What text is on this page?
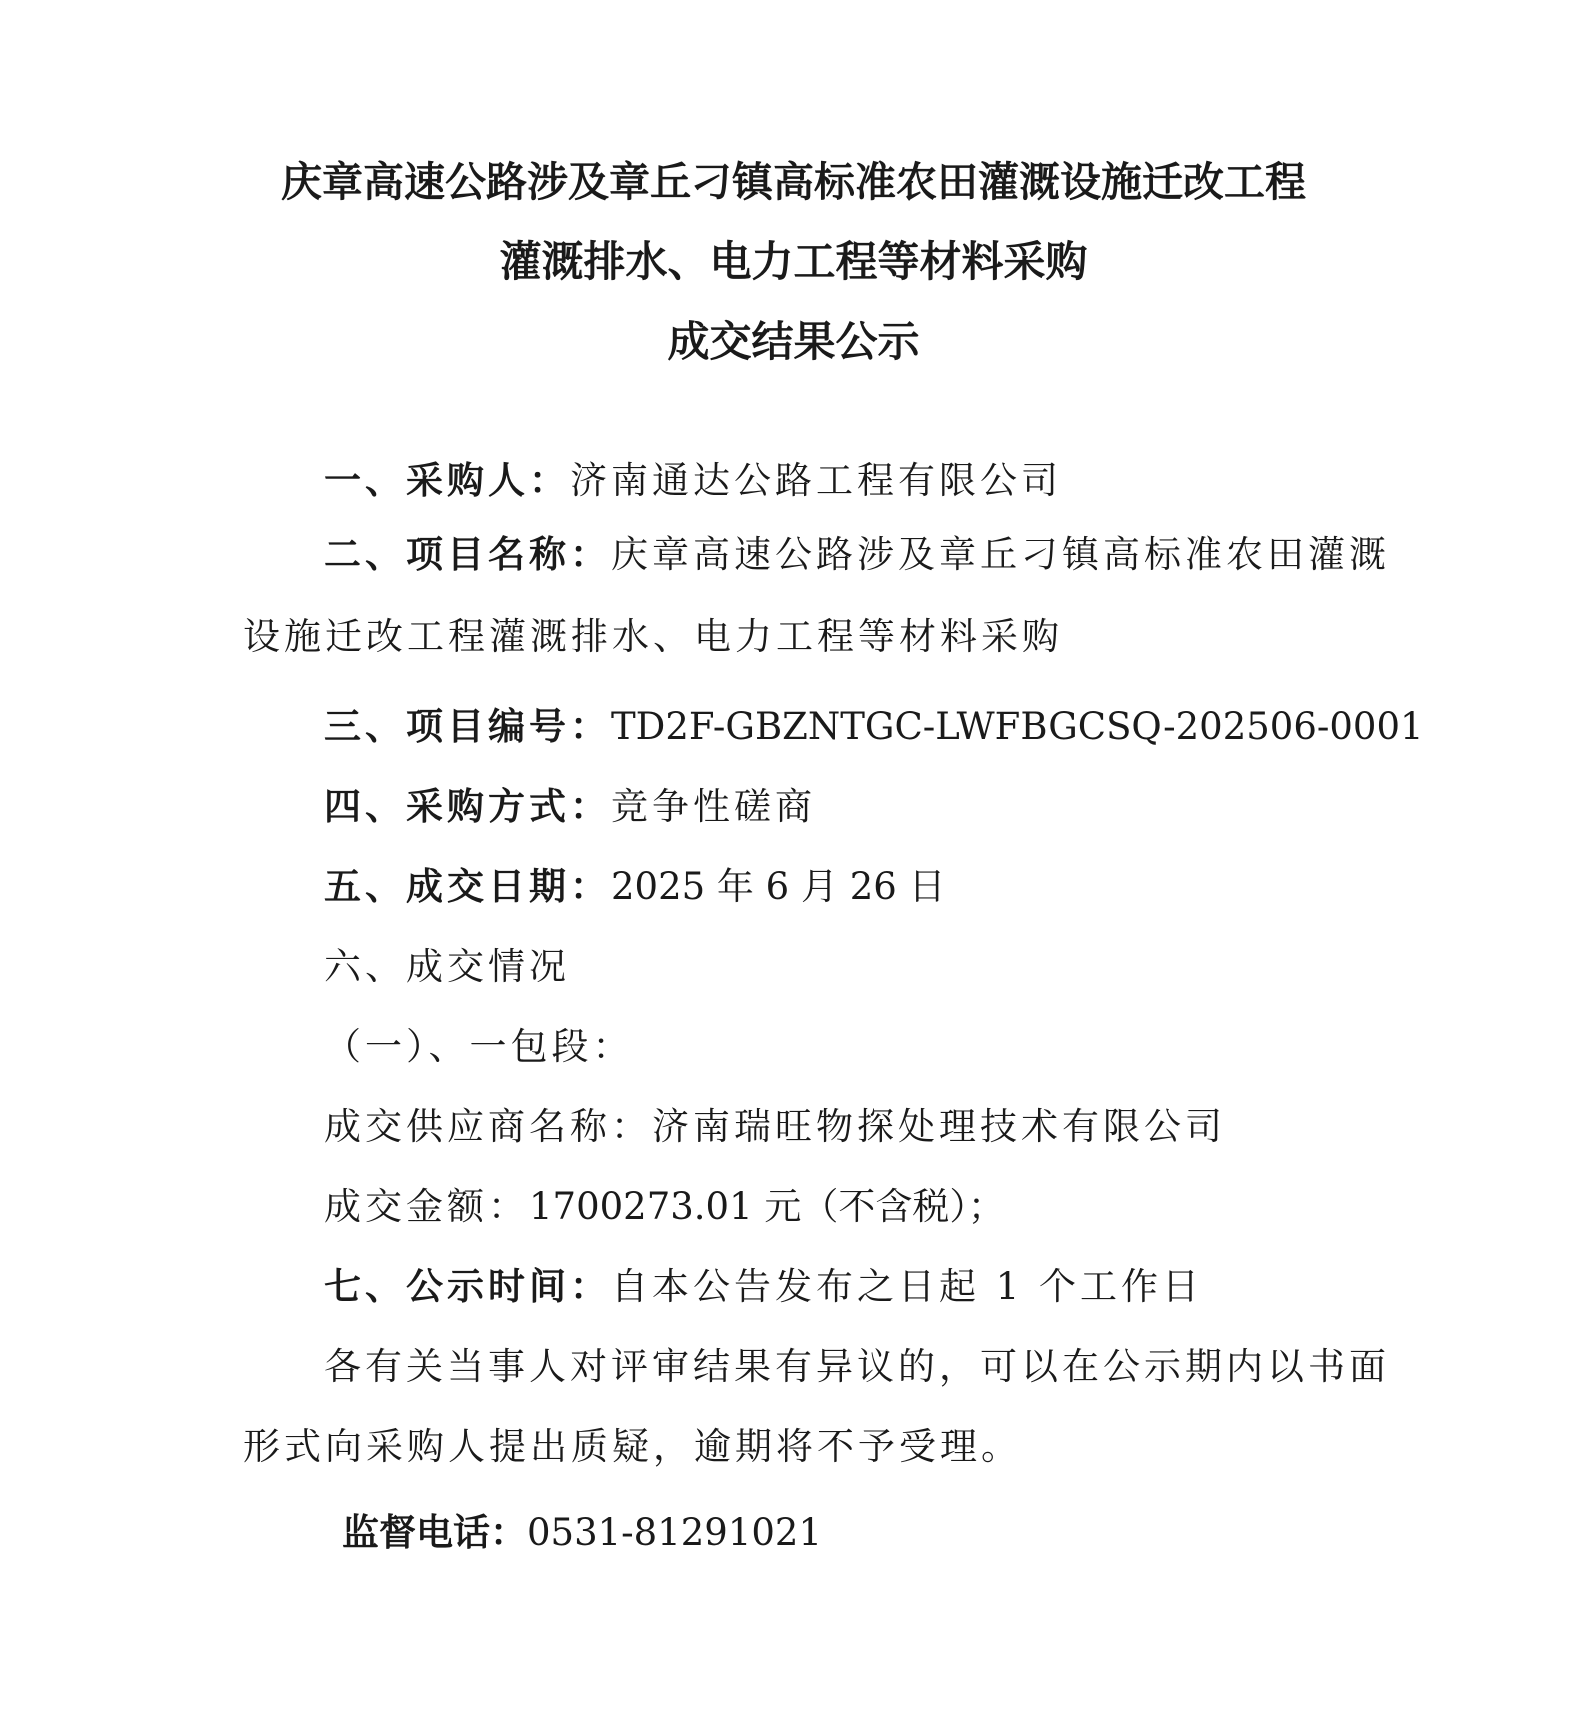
庆章高速公路涉及章丘刁镇高标准农田灌溉设施迁改工程
灌溉排水、电力工程等材料采购
成交结果公示
一、采购人：济南通达公路工程有限公司
二、项目名称：庆章高速公路涉及章丘刁镇高标准农田灌溉
设施迁改工程灌溉排水、电力工程等材料采购
三、项目编号：TD2F-GBZNTGC-LWFBGCSQ-202506-0001
四、采购方式：竞争性磋商
五、成交日期：2025 年 6 月 26 日
六、成交情况
（一）、一包段：
成交供应商名称：济南瑞旺物探处理技术有限公司
成交金额：1700273.01 元（不含税）；
七、公示时间：自本公告发布之日起 1 个工作日
各有关当事人对评审结果有异议的，可以在公示期内以书面
形式向采购人提出质疑，逾期将不予受理。
监督电话：0531-81291021
